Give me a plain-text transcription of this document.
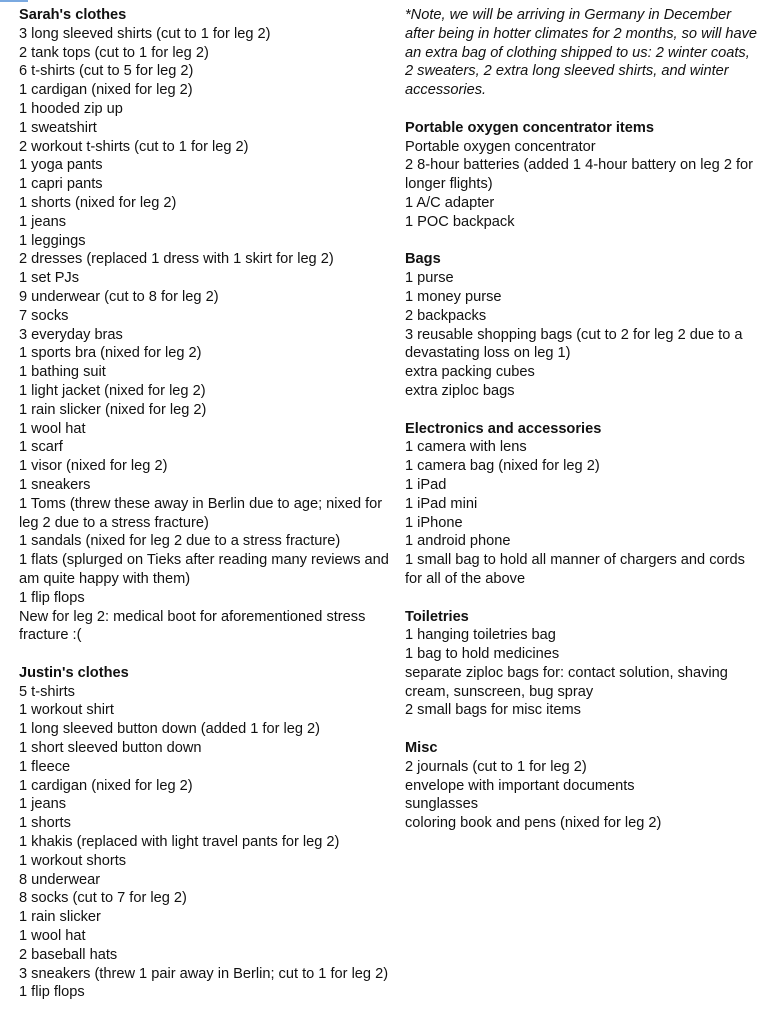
Sarah's clothes
3 long sleeved shirts (cut to 1 for leg 2)
2 tank tops (cut to 1 for leg 2)
6 t-shirts (cut to 5 for leg 2)
1 cardigan (nixed for leg 2)
1 hooded zip up
1 sweatshirt
2 workout t-shirts (cut to 1 for leg 2)
1 yoga pants
1 capri pants
1 shorts (nixed for leg 2)
1 jeans
1 leggings
2 dresses (replaced 1 dress with 1 skirt for leg 2)
1 set PJs
9 underwear (cut to 8 for leg 2)
7 socks
3 everyday bras
1 sports bra (nixed for leg 2)
1 bathing suit
1 light jacket (nixed for leg 2)
1 rain slicker (nixed for leg 2)
1 wool hat
1 scarf
1 visor (nixed for leg 2)
1 sneakers
1 Toms (threw these away in Berlin due to age; nixed for leg 2 due to a stress fracture)
1 sandals (nixed for leg 2 due to a stress fracture)
1 flats (splurged on Tieks after reading many reviews and am quite happy with them)
1 flip flops
New for leg 2: medical boot for aforementioned stress fracture :(
Justin's clothes
5 t-shirts
1 workout shirt
1 long sleeved button down (added 1 for leg 2)
1 short sleeved button down
1 fleece
1 cardigan (nixed for leg 2)
1 jeans
1 shorts
1 khakis (replaced with light travel pants for leg 2)
1 workout shorts
8 underwear
8 socks (cut to 7 for leg 2)
1 rain slicker
1 wool hat
2 baseball hats
3 sneakers (threw 1 pair away in Berlin; cut to 1 for leg 2)
1 flip flops
*Note, we will be arriving in Germany in December after being in hotter climates for 2 months, so will have an extra bag of clothing shipped to us: 2 winter coats, 2 sweaters, 2 extra long sleeved shirts, and winter accessories.
Portable oxygen concentrator items
Portable oxygen concentrator
2 8-hour batteries (added 1 4-hour battery on leg 2 for longer flights)
1 A/C adapter
1 POC backpack
Bags
1 purse
1 money purse
2 backpacks
3 reusable shopping bags (cut to 2 for leg 2 due to a devastating loss on leg 1)
extra packing cubes
extra ziploc bags
Electronics and accessories
1 camera with lens
1 camera bag (nixed for leg 2)
1 iPad
1 iPad mini
1 iPhone
1 android phone
1 small bag to hold all manner of chargers and cords for all of the above
Toiletries
1 hanging toiletries bag
1 bag to hold medicines
separate ziploc bags for: contact solution, shaving cream, sunscreen, bug spray
2 small bags for misc items
Misc
2 journals (cut to 1 for leg 2)
envelope with important documents
sunglasses
coloring book and pens (nixed for leg 2)
